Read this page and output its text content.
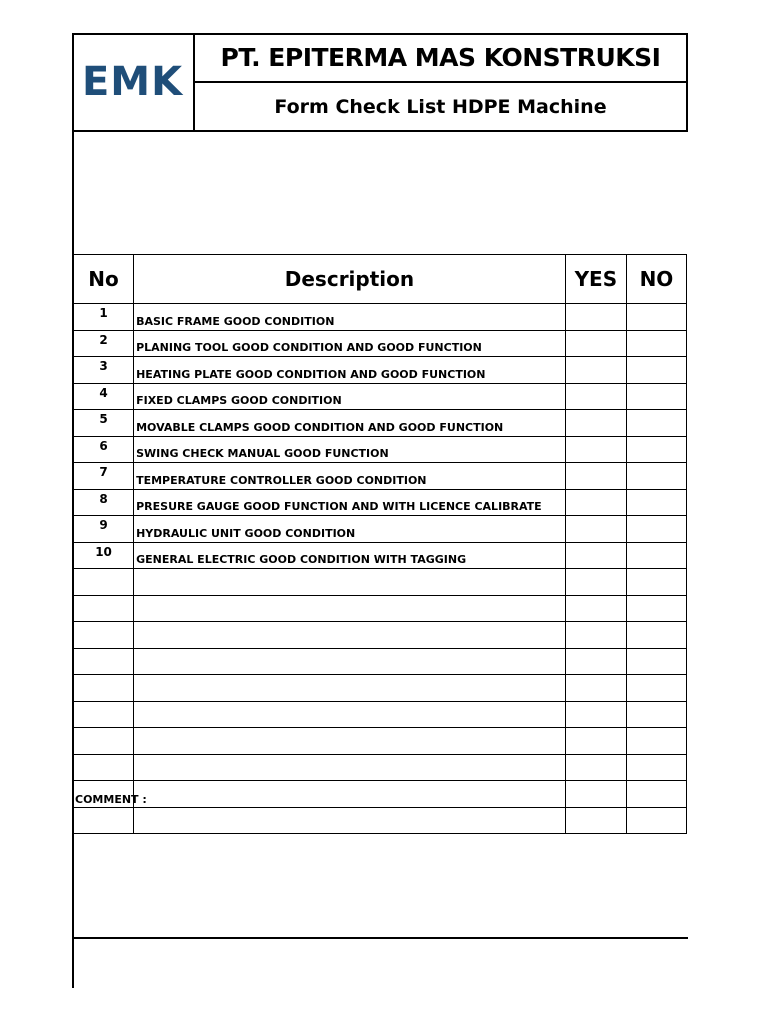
EMK
PT. EPITERMA MAS KONSTRUKSI
Form Check List HDPE Machine
No	Description	YES	NO
1	BASIC FRAME GOOD CONDITION		
2	PLANING TOOL GOOD CONDITION AND GOOD FUNCTION		
3	HEATING PLATE GOOD CONDITION AND GOOD FUNCTION		
4	FIXED CLAMPS GOOD CONDITION		
5	MOVABLE CLAMPS GOOD CONDITION AND GOOD FUNCTION		
6	SWING CHECK MANUAL GOOD FUNCTION		
7	TEMPERATURE CONTROLLER GOOD CONDITION		
8	PRESURE GAUGE GOOD FUNCTION AND WITH LICENCE CALIBRATE		
9	HYDRAULIC UNIT GOOD CONDITION		
10	GENERAL ELECTRIC GOOD CONDITION WITH TAGGING		

COMMENT :
